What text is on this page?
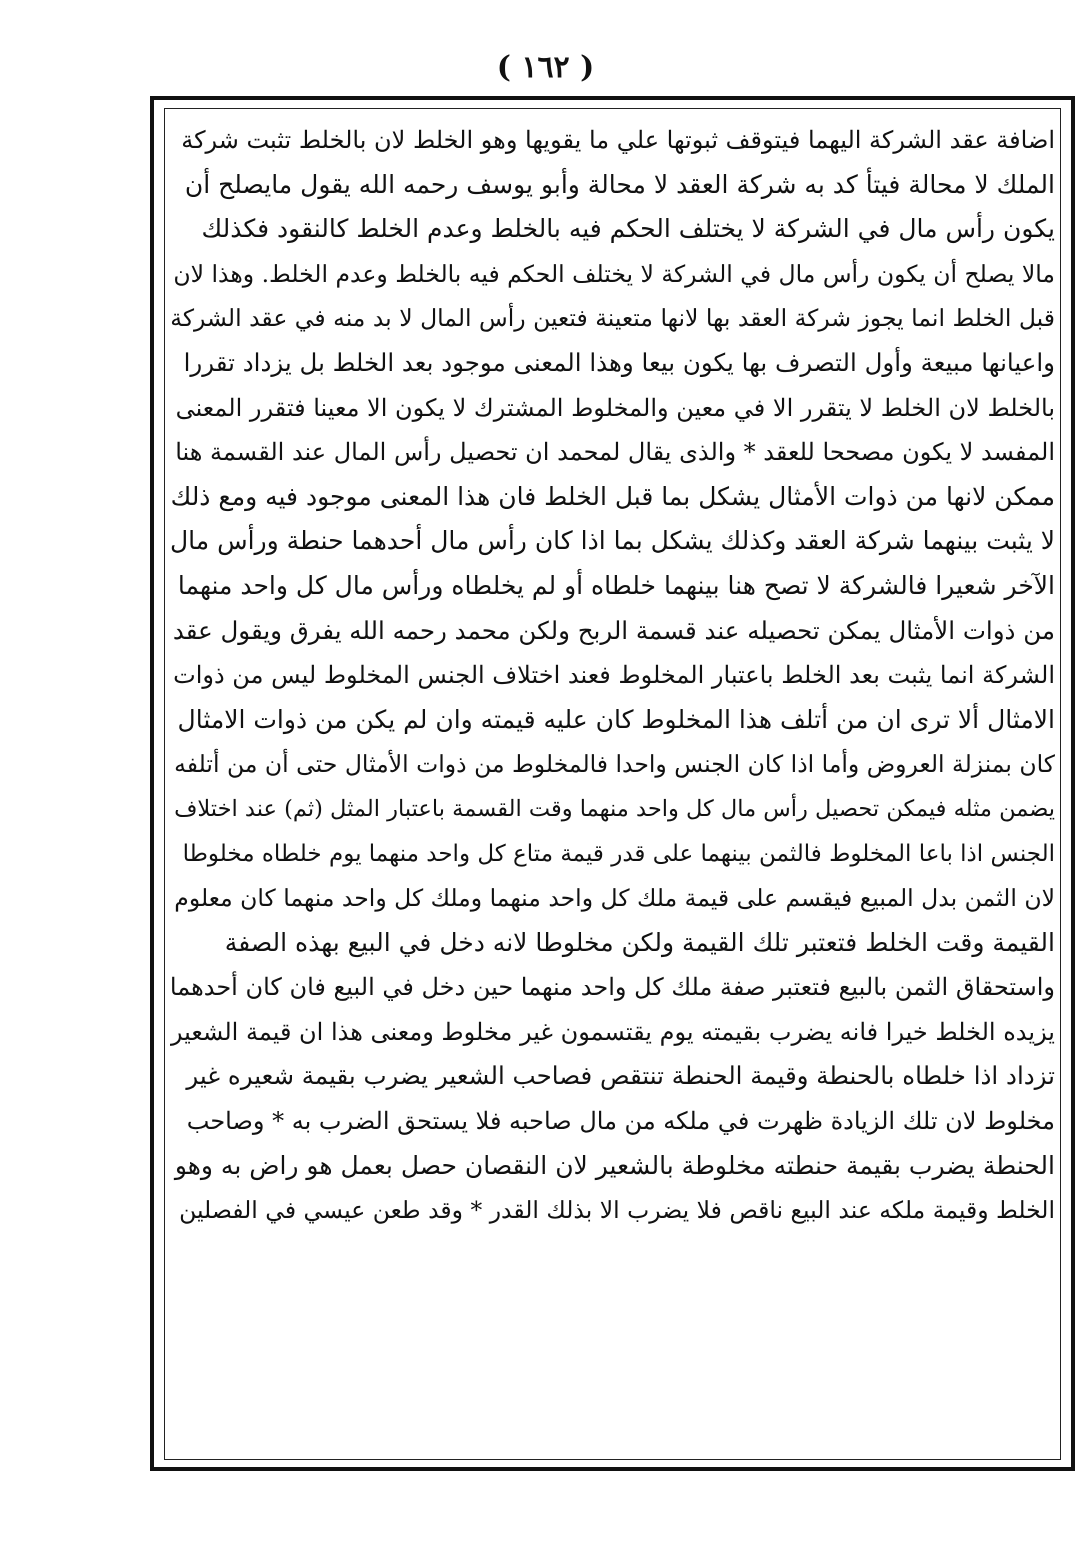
( ١٦٢ )
اضافة عقد الشركة اليهما فيتوقف ثبوتها علي ما يقويها وهو الخلط لان بالخلط تثبت شركة
الملك لا محالة فيتأ كد به شركة العقد لا محالة وأبو يوسف رحمه الله يقول مايصلح أن
يكون رأس مال في الشركة لا يختلف الحكم فيه بالخلط وعدم الخلط كالنقود فكذلك
مالا يصلح أن يكون رأس مال في الشركة لا يختلف الحكم فيه بالخلط وعدم الخلط. وهذا لان
قبل الخلط انما يجوز شركة العقد بها لانها متعينة فتعين رأس المال لا بد منه في عقد الشركة
واعيانها مبيعة وأول التصرف بها يكون بيعا وهذا المعنى موجود بعد الخلط بل يزداد تقررا
بالخلط لان الخلط لا يتقرر الا في معين والمخلوط المشترك لا يكون الا معينا فتقرر المعنى
المفسد لا يكون مصححا للعقد * والذى يقال لمحمد ان تحصيل رأس المال عند القسمة هنا
ممكن لانها من ذوات الأمثال يشكل بما قبل الخلط فان هذا المعنى موجود فيه ومع ذلك
لا يثبت بينهما شركة العقد وكذلك يشكل بما اذا كان رأس مال أحدهما حنطة ورأس مال
الآخر شعيرا فالشركة لا تصح هنا بينهما خلطاه أو لم يخلطاه ورأس مال كل واحد منهما
من ذوات الأمثال يمكن تحصيله عند قسمة الربح ولكن محمد رحمه الله يفرق ويقول عقد
الشركة انما يثبت بعد الخلط باعتبار المخلوط فعند اختلاف الجنس المخلوط ليس من ذوات
الامثال ألا ترى ان من أتلف هذا المخلوط كان عليه قيمته وان لم يكن من ذوات الامثال
كان بمنزلة العروض وأما اذا كان الجنس واحدا فالمخلوط من ذوات الأمثال حتى أن من أتلفه
يضمن مثله فيمكن تحصيل رأس مال كل واحد منهما وقت القسمة باعتبار المثل (ثم) عند اختلاف
الجنس اذا باعا المخلوط فالثمن بينهما على قدر قيمة متاع كل واحد منهما يوم خلطاه مخلوطا
لان الثمن بدل المبيع فيقسم على قيمة ملك كل واحد منهما وملك كل واحد منهما كان معلوم
القيمة وقت الخلط فتعتبر تلك القيمة ولكن مخلوطا لانه دخل في البيع بهذه الصفة
واستحقاق الثمن بالبيع فتعتبر صفة ملك كل واحد منهما حين دخل في البيع فان كان أحدهما
يزيده الخلط خيرا فانه يضرب بقيمته يوم يقتسمون غير مخلوط ومعنى هذا ان قيمة الشعير
تزداد اذا خلطاه بالحنطة وقيمة الحنطة تنتقص فصاحب الشعير يضرب بقيمة شعيره غير
مخلوط لان تلك الزيادة ظهرت في ملكه من مال صاحبه فلا يستحق الضرب به * وصاحب
الحنطة يضرب بقيمة حنطته مخلوطة بالشعير لان النقصان حصل بعمل هو راض به وهو
الخلط وقيمة ملكه عند البيع ناقص فلا يضرب الا بذلك القدر * وقد طعن عيسي في الفصلين
